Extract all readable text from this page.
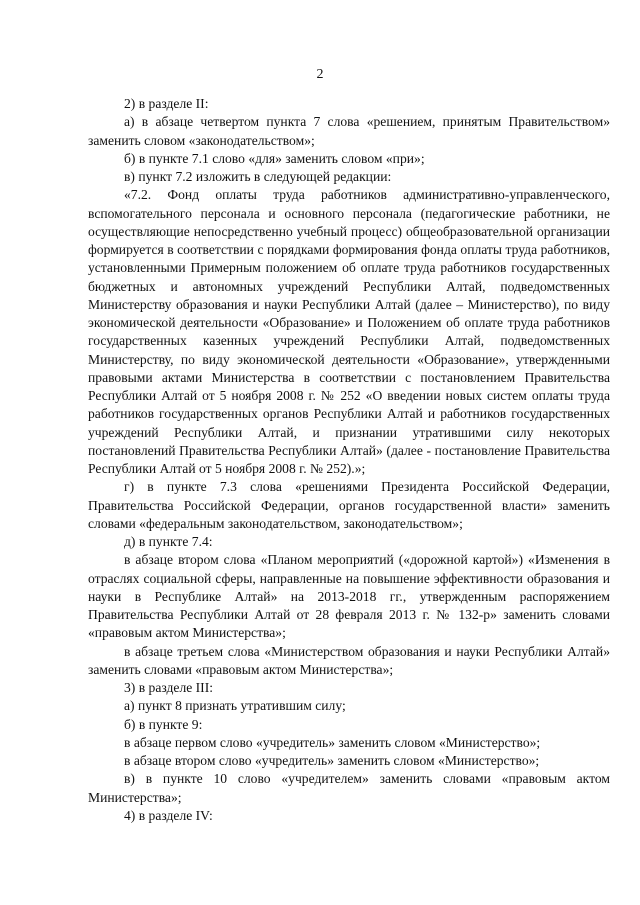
2

2) в разделе II:

а) в абзаце четвертом пункта 7 слова «решением, принятым Правительством» заменить словом «законодательством»;

б) в пункте 7.1 слово «для» заменить словом «при»;

в) пункт 7.2 изложить в следующей редакции:

«7.2. Фонд оплаты труда работников административно-управленческого, вспомогательного персонала и основного персонала (педагогические работники, не осуществляющие непосредственно учебный процесс) общеобразовательной организации формируется в соответствии с порядками формирования фонда оплаты труда работников, установленными Примерным положением об оплате труда работников государственных бюджетных и автономных учреждений Республики Алтай, подведомственных Министерству образования и науки Республики Алтай (далее – Министерство), по виду экономической деятельности «Образование» и Положением об оплате труда работников государственных казенных учреждений Республики Алтай, подведомственных Министерству, по виду экономической деятельности «Образование», утвержденными правовыми актами Министерства в соответствии с постановлением Правительства Республики Алтай от 5 ноября 2008 г. № 252 «О введении новых систем оплаты труда работников государственных органов Республики Алтай и работников государственных учреждений Республики Алтай, и признании утратившими силу некоторых постановлений Правительства Республики Алтай» (далее - постановление Правительства Республики Алтай от 5 ноября 2008 г. № 252).»;

г) в пункте 7.3 слова «решениями Президента Российской Федерации, Правительства Российской Федерации, органов государственной власти» заменить словами «федеральным законодательством, законодательством»;

д) в пункте 7.4:

в абзаце втором слова «Планом мероприятий («дорожной картой») «Изменения в отраслях социальной сферы, направленные на повышение эффективности образования и науки в Республике Алтай» на 2013-2018 гг., утвержденным распоряжением Правительства Республики Алтай от 28 февраля 2013 г. № 132-р» заменить словами «правовым актом Министерства»;

в абзаце третьем слова «Министерством образования и науки Республики Алтай» заменить словами «правовым актом Министерства»;

3) в разделе III:

а) пункт 8 признать утратившим силу;

б) в пункте 9:

в абзаце первом слово «учредитель» заменить словом «Министерство»;

в абзаце втором слово «учредитель» заменить словом «Министерство»;

в) в пункте 10 слово «учредителем» заменить словами «правовым актом Министерства»;

4) в разделе IV:
